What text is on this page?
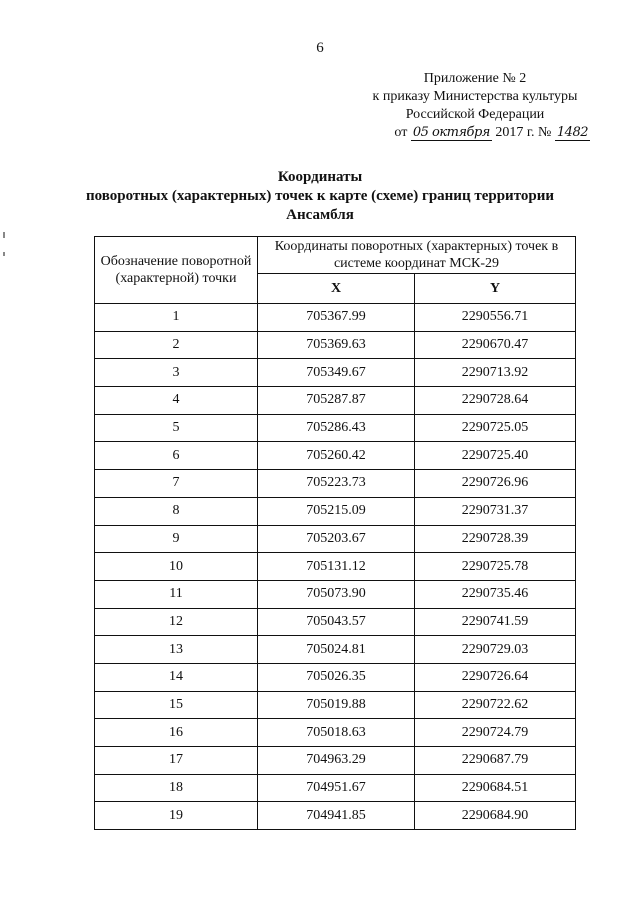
6
Приложение № 2
к приказу Министерства культуры
Российской Федерации
от 05 октября 2017 г. № 1482
Координаты
поворотных (характерных) точек к карте (схеме) границ территории
Ансамбля
Обозначение поворотной (характерной) точки	Координаты поворотных (характерных) точек в системе координат МСК-29	
	X	Y
1	705367.99	2290556.71
2	705369.63	2290670.47
3	705349.67	2290713.92
4	705287.87	2290728.64
5	705286.43	2290725.05
6	705260.42	2290725.40
7	705223.73	2290726.96
8	705215.09	2290731.37
9	705203.67	2290728.39
10	705131.12	2290725.78
11	705073.90	2290735.46
12	705043.57	2290741.59
13	705024.81	2290729.03
14	705026.35	2290726.64
15	705019.88	2290722.62
16	705018.63	2290724.79
17	704963.29	2290687.79
18	704951.67	2290684.51
19	704941.85	2290684.90
